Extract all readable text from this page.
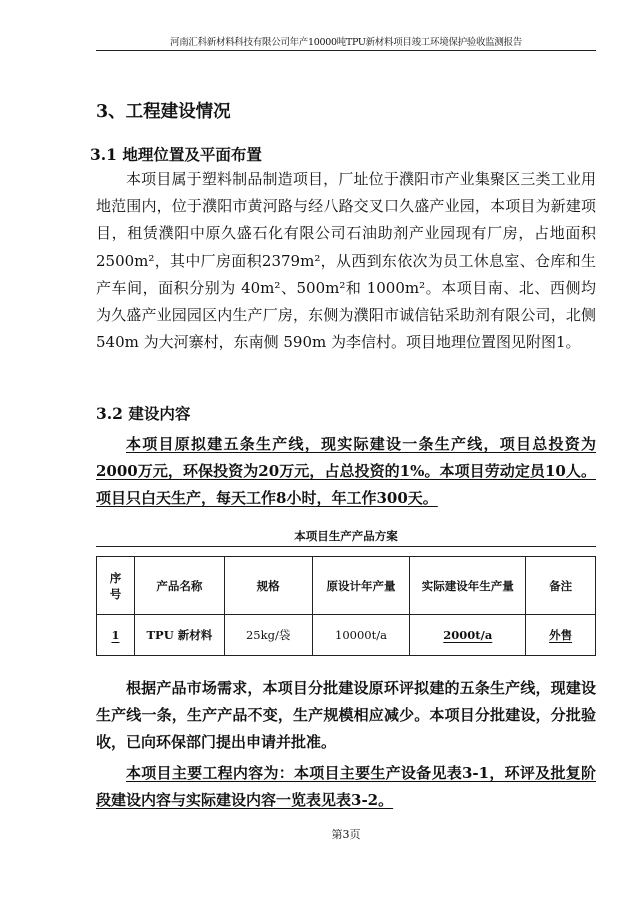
河南汇科新材料科技有限公司年产10000吨TPU新材料项目竣工环境保护验收监测报告
3、工程建设情况
3.1 地理位置及平面布置

本项目属于塑料制品制造项目，厂址位于濮阳市产业集聚区三类工业用地范围内，位于濮阳市黄河路与经八路交叉口久盛产业园，本项目为新建项目，租赁濮阳中原久盛石化有限公司石油助剂产业园现有厂房，占地面积2500m²，其中厂房面积2379m²，从西到东依次为员工休息室、仓库和生产车间，面积分别为 40m²、500m²和 1000m²。本项目南、北、西侧均为久盛产业园园区内生产厂房，东侧为濮阳市诚信钻采助剂有限公司，北侧 540m 为大河寨村，东南侧 590m 为李信村。项目地理位置图见附图1。

3.2 建设内容

本项目原拟建五条生产线，现实际建设一条生产线，项目总投资为2000万元，环保投资为20万元，占总投资的1%。本项目劳动定员10人。项目只白天生产，每天工作8小时，年工作300天。

本项目生产产品方案
序号	产品名称	规格	原设计年产量	实际建设年生产量	备注
1	TPU 新材料	25kg/袋	10000t/a	2000t/a	外售

根据产品市场需求，本项目分批建设原环评拟建的五条生产线，现建设生产线一条，生产产品不变，生产规模相应减少。本项目分批建设，分批验收，已向环保部门提出申请并批准。

本项目主要工程内容为：本项目主要生产设备见表3-1，环评及批复阶段建设内容与实际建设内容一览表见表3-2。

第3页
